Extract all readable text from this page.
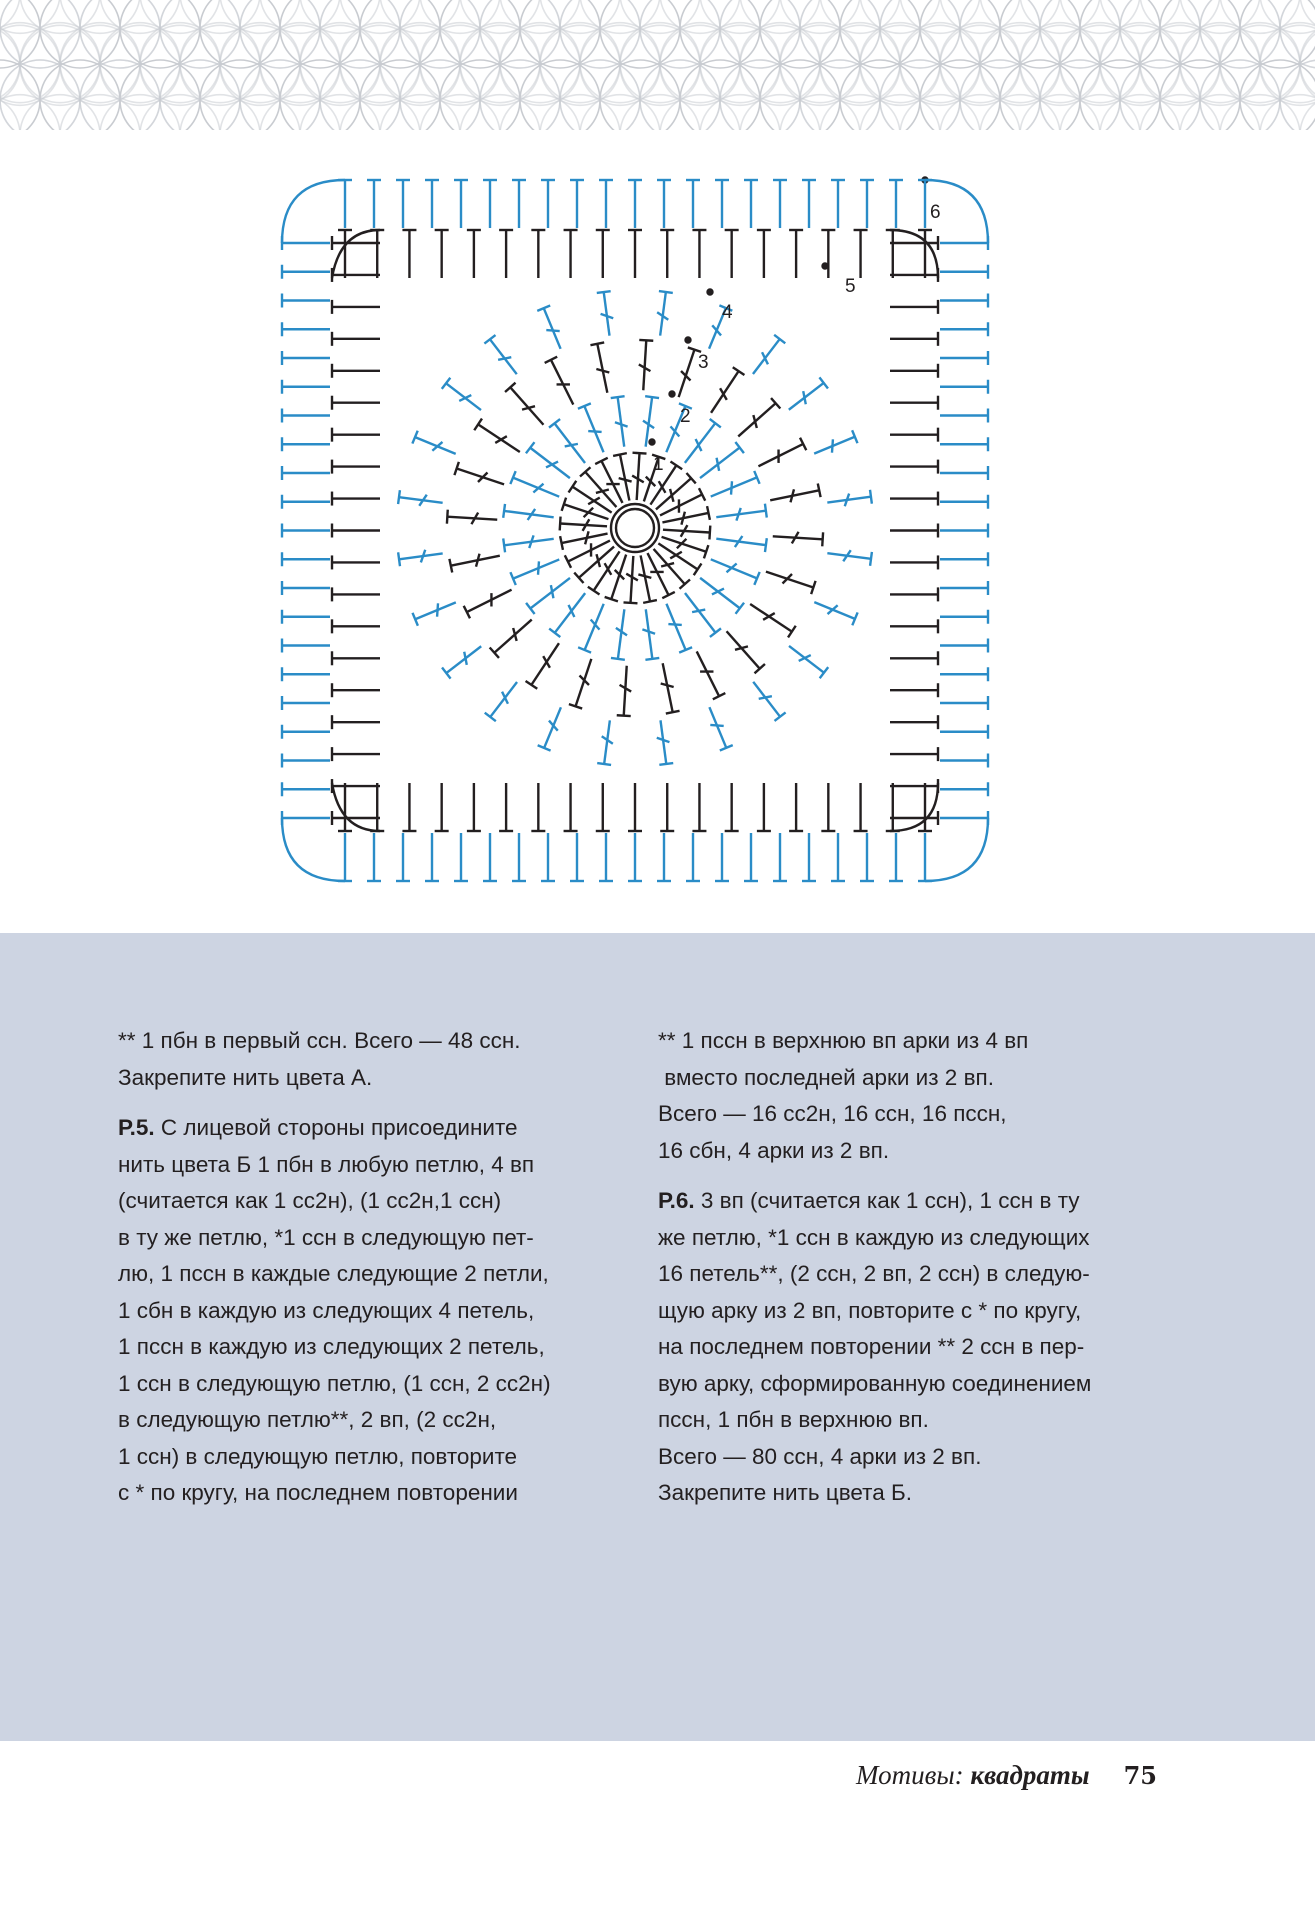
1
2
3
4
5
6

** 1 пбн в первый ссн. Всего — 48 ссн.
Закрепите нить цвета А.

Р.5. С лицевой стороны присоедините
нить цвета Б 1 пбн в любую петлю, 4 вп
(считается как 1 сс2н), (1 сс2н,1 ссн)
в ту же петлю, *1 ссн в следующую пет-
лю, 1 пссн в каждые следующие 2 петли,
1 сбн в каждую из следующих 4 петель,
1 пссн в каждую из следующих 2 петель,
1 ссн в следующую петлю, (1 ссн, 2 сс2н)
в следующую петлю**, 2 вп, (2 сс2н,
1 ссн) в следующую петлю, повторите
с * по кругу, на последнем повторении

** 1 пссн в верхнюю вп арки из 4 вп
вместо последней арки из 2 вп.
Всего — 16 сс2н, 16 ссн, 16 пссн,
16 сбн, 4 арки из 2 вп.

Р.6. 3 вп (считается как 1 ссн), 1 ссн в ту
же петлю, *1 ссн в каждую из следующих
16 петель**, (2 ссн, 2 вп, 2 ссн) в следую-
щую арку из 2 вп, повторите с * по кругу,
на последнем повторении ** 2 ссн в пер-
вую арку, сформированную соединением
пссн, 1 пбн в верхнюю вп.
Всего — 80 ссн, 4 арки из 2 вп.
Закрепите нить цвета Б.

Мотивы: квадраты 75
